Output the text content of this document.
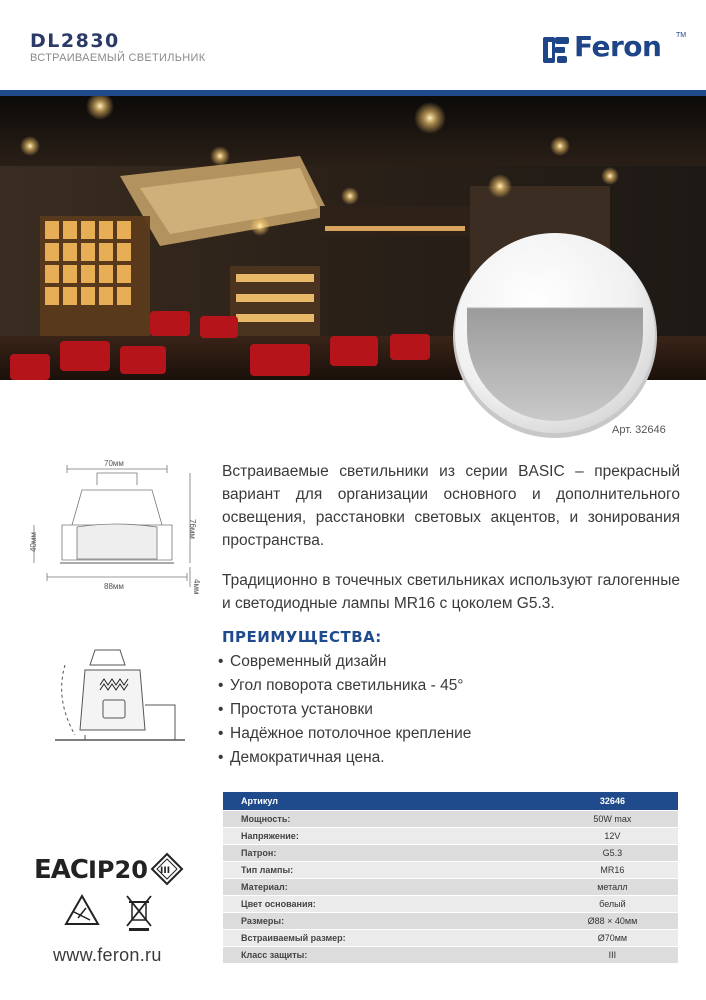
DL2830
ВСТРАИВАЕМЫЙ СВЕТИЛЬНИК	Feron TM
Арт. 32646
70мм
40мм
76мм
88мм	4мм
Встраиваемые светильники из серии BASIC – прекрасный вариант для организации основного и дополнительного освещения, расстановки световых акцентов, и зонирования пространства.
Традиционно в точечных светильниках используют галогенные и светодиодные лампы MR16 с цоколем G5.3.
ПРЕИМУЩЕСТВА:
• Современный дизайн
• Угол поворота светильника - 45°
• Простота установки
• Надёжное потолочное крепление
• Демократичная цена.
Артикул	32646
Мощность:	50W max
Напряжение:	12V
Патрон:	G5.3
Тип лампы:	MR16
Материал:	металл
Цвет основания:	белый
Размеры:	Ø88 × 40мм
Встраиваемый размер:	Ø70мм
Класс защиты:	III
ЕАС IP20 III
www.feron.ru
